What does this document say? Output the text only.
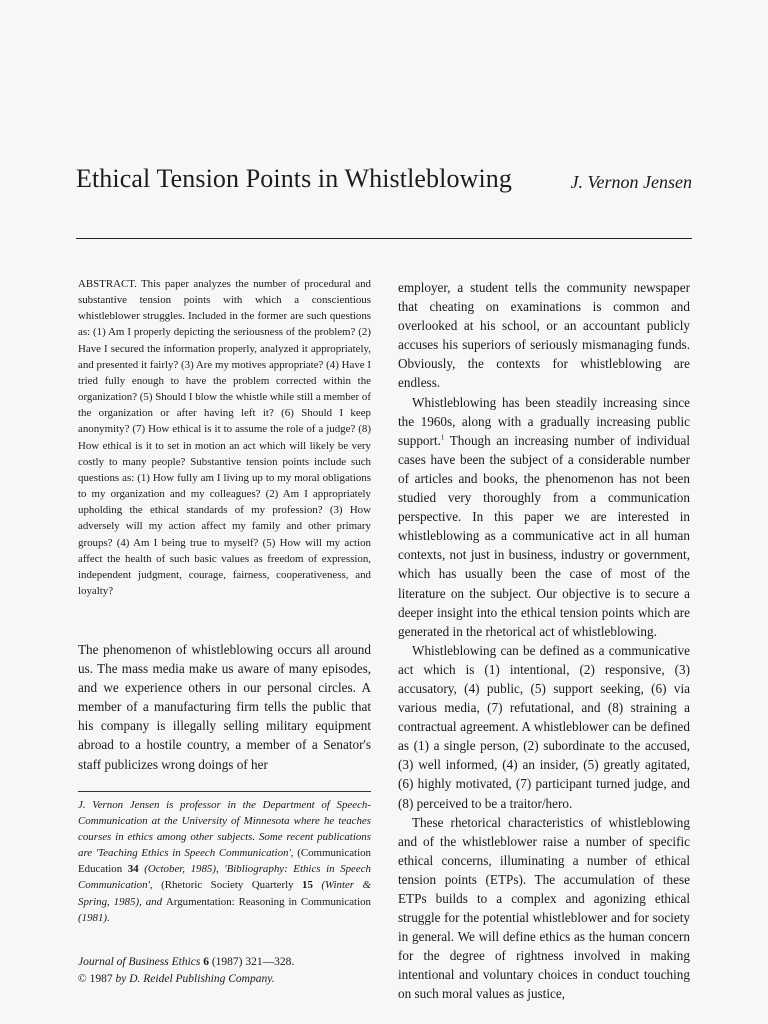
Ethical Tension Points in Whistleblowing	J. Vernon Jensen

ABSTRACT. This paper analyzes the number of procedural and substantive tension points with which a conscientious whistleblower struggles. Included in the former are such questions as: (1) Am I properly depicting the seriousness of the problem? (2) Have I secured the information properly, analyzed it appropriately, and presented it fairly? (3) Are my motives appropriate? (4) Have I tried fully enough to have the problem corrected within the organization? (5) Should I blow the whistle while still a member of the organization or after having left it? (6) Should I keep anonymity? (7) How ethical is it to assume the role of a judge? (8) How ethical is it to set in motion an act which will likely be very costly to many people? Substantive tension points include such questions as: (1) How fully am I living up to my moral obligations to my organization and my colleagues? (2) Am I appropriately upholding the ethical standards of my profession? (3) How adversely will my action affect my family and other primary groups? (4) Am I being true to myself? (5) How will my action affect the health of such basic values as freedom of expression, independent judgment, courage, fairness, cooperativeness, and loyalty?

The phenomenon of whistleblowing occurs all around us. The mass media make us aware of many episodes, and we experience others in our personal circles. A member of a manufacturing firm tells the public that his company is illegally selling military equipment abroad to a hostile country, a member of a Senator's staff publicizes wrong doings of her

J. Vernon Jensen is professor in the Department of Speech-Communication at the University of Minnesota where he teaches courses in ethics among other subjects. Some recent publications are 'Teaching Ethics in Speech Communication', (Communication Education 34 (October, 1985), 'Bibliography: Ethics in Speech Communication', (Rhetoric Society Quarterly 15 (Winter & Spring, 1985), and Argumentation: Reasoning in Communication (1981).

employer, a student tells the community newspaper that cheating on examinations is common and overlooked at his school, or an accountant publicly accuses his superiors of seriously mismanaging funds. Obviously, the contexts for whistleblowing are endless.

Whistleblowing has been steadily increasing since the 1960s, along with a gradually increasing public support.$^1$ Though an increasing number of individual cases have been the subject of a considerable number of articles and books, the phenomenon has not been studied very thoroughly from a communication perspective. In this paper we are interested in whistleblowing as a communicative act in all human contexts, not just in business, industry or government, which has usually been the case of most of the literature on the subject. Our objective is to secure a deeper insight into the ethical tension points which are generated in the rhetorical act of whistleblowing.

Whistleblowing can be defined as a communicative act which is (1) intentional, (2) responsive, (3) accusatory, (4) public, (5) support seeking, (6) via various media, (7) refutational, and (8) straining a contractual agreement. A whistleblower can be defined as (1) a single person, (2) subordinate to the accused, (3) well informed, (4) an insider, (5) greatly agitated, (6) highly motivated, (7) participant turned judge, and (8) perceived to be a traitor/hero.

These rhetorical characteristics of whistleblowing and of the whistleblower raise a number of specific ethical concerns, illuminating a number of ethical tension points (ETPs). The accumulation of these ETPs builds to a complex and agonizing ethical struggle for the potential whistleblower and for society in general. We will define ethics as the human concern for the degree of rightness involved in making intentional and voluntary choices in conduct touching on such moral values as justice,

Journal of Business Ethics 6 (1987) 321—328.
© 1987 by D. Reidel Publishing Company.
